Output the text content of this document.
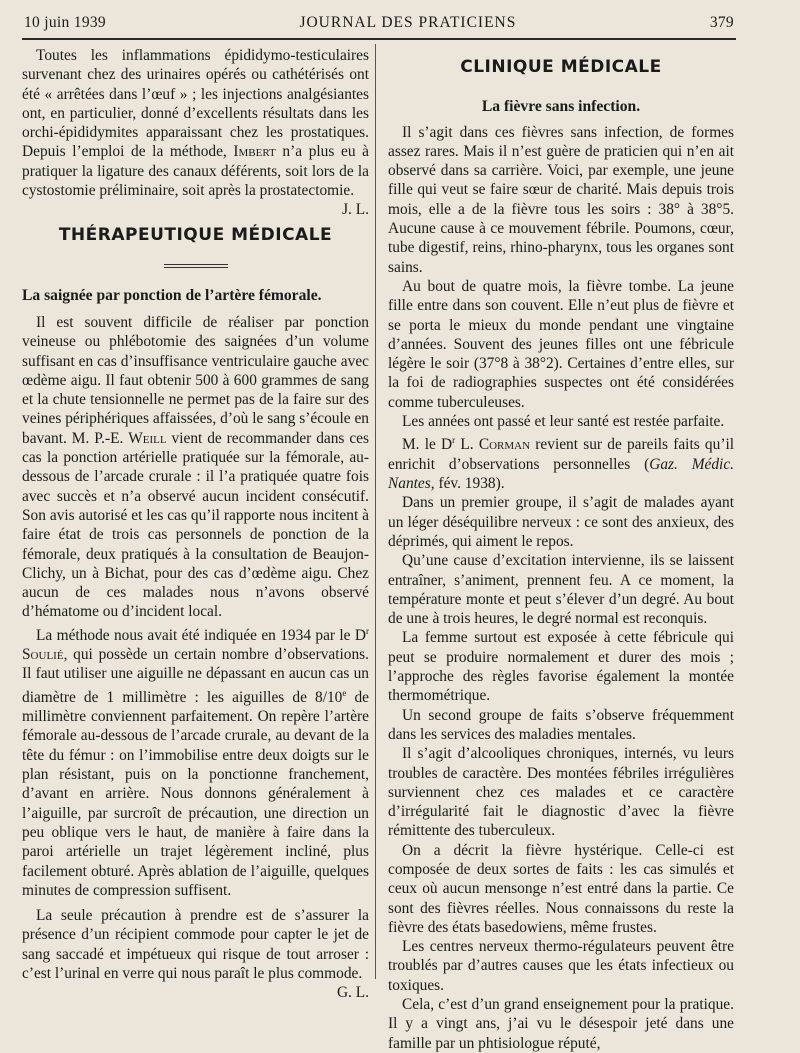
10 juin 1939	JOURNAL DES PRATICIENS	379

Toutes les inflammations épididymo-testiculaires survenant chez des urinaires opérés ou cathétérisés ont été « arrêtées dans l’œuf » ; les injections analgésiantes ont, en particulier, donné d’excellents résultats dans les orchi-épididymites apparaissant chez les prostatiques. Depuis l’emploi de la méthode, Imbert n’a plus eu à pratiquer la ligature des canaux déférents, soit lors de la cystostomie préliminaire, soit après la prostatectomie.
J. L.

THÉRAPEUTIQUE MÉDICALE
La saignée par ponction de l’artère fémorale.

Il est souvent difficile de réaliser par ponction veineuse ou phlébotomie des saignées d’un volume suffisant en cas d’insuffisance ventriculaire gauche avec œdème aigu. Il faut obtenir 500 à 600 grammes de sang et la chute tensionnelle ne permet pas de la faire sur des veines périphériques affaissées, d’où le sang s’écoule en bavant. M. P.-E. Weill vient de recommander dans ces cas la ponction artérielle pratiquée sur la fémorale, au-dessous de l’arcade crurale : il l’a pratiquée quatre fois avec succès et n’a observé aucun incident consécutif. Son avis autorisé et les cas qu’il rapporte nous incitent à faire état de trois cas personnels de ponction de la fémorale, deux pratiqués à la consultation de Beaujon-Clichy, un à Bichat, pour des cas d’œdème aigu. Chez aucun de ces malades nous n’avons observé d’hématome ou d’incident local.

La méthode nous avait été indiquée en 1934 par le $D^r$ Soulié, qui possède un certain nombre d’observations. Il faut utiliser une aiguille ne dépassant en aucun cas un diamètre de 1 millimètre : les aiguilles de 8/10e de millimètre conviennent parfaitement. On repère l’artère fémorale au-dessous de l’arcade crurale, au devant de la tête du fémur : on l’immobilise entre deux doigts sur le plan résistant, puis on la ponctionne franchement, d’avant en arrière. Nous donnons généralement à l’aiguille, par surcroît de précaution, une direction un peu oblique vers le haut, de manière à faire dans la paroi artérielle un trajet légèrement incliné, plus facilement obturé. Après ablation de l’aiguille, quelques minutes de compression suffisent.

La seule précaution à prendre est de s’assurer la présence d’un récipient commode pour capter le jet de sang saccadé et impétueux qui risque de tout arroser : c’est l’urinal en verre qui nous paraît le plus commode.
G. L.

CLINIQUE MÉDICALE
La fièvre sans infection.

Il s’agit dans ces fièvres sans infection, de formes assez rares. Mais il n’est guère de praticien qui n’en ait observé dans sa carrière. Voici, par exemple, une jeune fille qui veut se faire sœur de charité. Mais depuis trois mois, elle a de la fièvre tous les soirs : 38° à 38°5. Aucune cause à ce mouvement fébrile. Poumons, cœur, tube digestif, reins, rhino-pharynx, tous les organes sont sains.

Au bout de quatre mois, la fièvre tombe. La jeune fille entre dans son couvent. Elle n’eut plus de fièvre et se porta le mieux du monde pendant une vingtaine d’années. Souvent des jeunes filles ont une fébricule légère le soir (37°8 à 38°2). Certaines d’entre elles, sur la foi de radiographies suspectes ont été considérées comme tuberculeuses.

Les années ont passé et leur santé est restée parfaite.

M. le $D^r$ L. Corman revient sur de pareils faits qu’il enrichit d’observations personnelles (Gaz. Médic. Nantes, fév. 1938).

Dans un premier groupe, il s’agit de malades ayant un léger déséquilibre nerveux : ce sont des anxieux, des déprimés, qui aiment le repos.

Qu’une cause d’excitation intervienne, ils se laissent entraîner, s’animent, prennent feu. A ce moment, la température monte et peut s’élever d’un degré. Au bout de une à trois heures, le degré normal est reconquis.

La femme surtout est exposée à cette fébricule qui peut se produire normalement et durer des mois ; l’approche des règles favorise également la montée thermométrique.

Un second groupe de faits s’observe fréquemment dans les services des maladies mentales.

Il s’agit d’alcooliques chroniques, internés, vu leurs troubles de caractère. Des montées fébriles irrégulières surviennent chez ces malades et ce caractère d’irrégularité fait le diagnostic d’avec la fièvre rémittente des tuberculeux.

On a décrit la fièvre hystérique. Celle-ci est composée de deux sortes de faits : les cas simulés et ceux où aucun mensonge n’est entré dans la partie. Ce sont des fièvres réelles. Nous connaissons du reste la fièvre des états basedowiens, même frustes.

Les centres nerveux thermo-régulateurs peuvent être troublés par d’autres causes que les états infectieux ou toxiques.

Cela, c’est d’un grand enseignement pour la pratique. Il y a vingt ans, j’ai vu le désespoir jeté dans une famille par un phtisiologue réputé,
